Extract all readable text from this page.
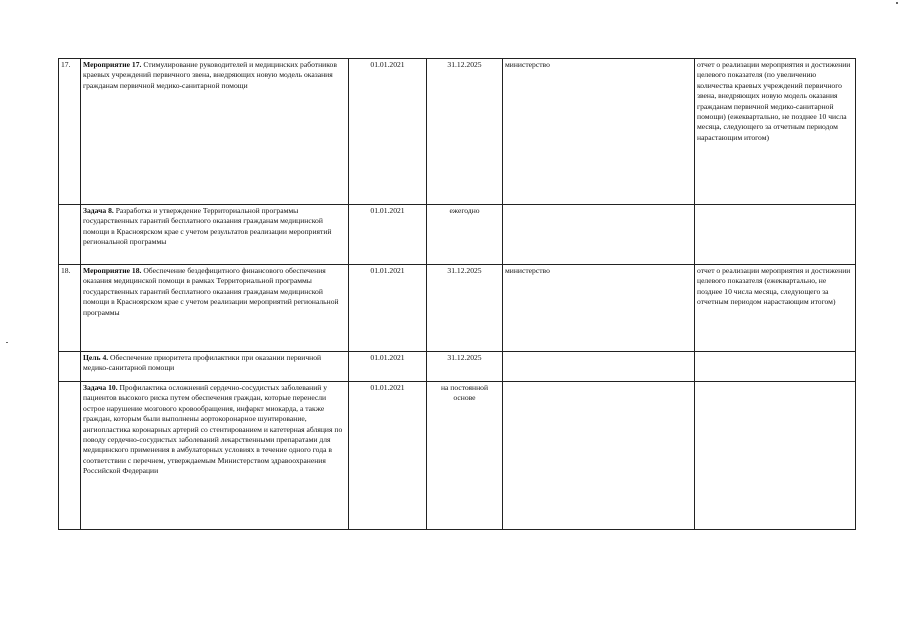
17.	Мероприятие 17. Стимулирование руководителей и медицинских работников краевых учреждений первичного звена, внедряющих новую модель оказания гражданам первичной медико-санитарной помощи	01.01.2021	31.12.2025	министерство	отчет о реализации мероприятия и достижении целевого показателя (по увеличению количества краевых учреждений первичного звена, внедряющих новую модель оказания гражданам первичной медико-санитарной помощи) (ежеквартально, не позднее 10 числа месяца, следующего за отчетным периодом нарастающим итогом)
	Задача 8. Разработка и утверждение Территориальной программы государственных гарантий бесплатного оказания гражданам медицинской помощи в Красноярском крае с учетом результатов реализации мероприятий региональной программы	01.01.2021	ежегодно		
18.	Мероприятие 18. Обеспечение бездефицитного финансового обеспечения оказания медицинской помощи в рамках Территориальной программы государственных гарантий бесплатного оказания гражданам медицинской помощи в Красноярском крае с учетом реализации мероприятий региональной программы	01.01.2021	31.12.2025	министерство	отчет о реализации мероприятия и достижении целевого показателя (ежеквартально, не позднее 10 числа месяца, следующего за отчетным периодом нарастающим итогом)
	Цель 4. Обеспечение приоритета профилактики при оказании первичной медико-санитарной помощи	01.01.2021	31.12.2025		
	Задача 10. Профилактика осложнений сердечно-сосудистых заболеваний у пациентов высокого риска путем обеспечения граждан, которые перенесли острое нарушение мозгового кровообращения, инфаркт миокарда, а также граждан, которым были выполнены аортокоронарное шунтирование, ангиопластика коронарных артерий со стентированием и катетерная абляция по поводу сердечно-сосудистых заболеваний лекарственными препаратами для медицинского применения в амбулаторных условиях в течение одного года в соответствии с перечнем, утверждаемым Министерством здравоохранения Российской Федерации	01.01.2021	на постоянной основе		
